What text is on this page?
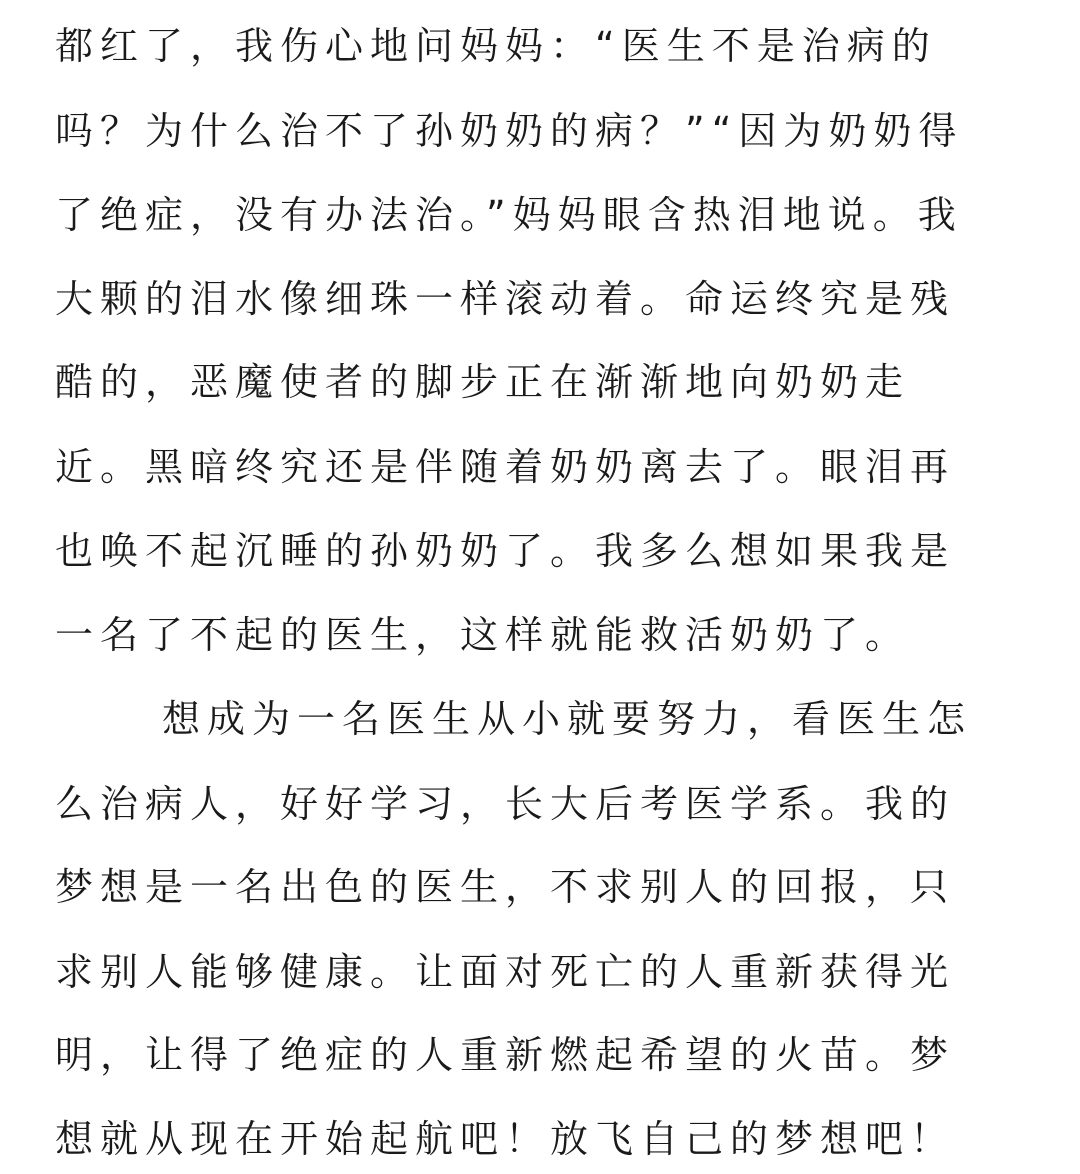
都红了，我伤心地问妈妈：“医生不是治病的
吗？为什么治不了孙奶奶的病？”“因为奶奶得
了绝症，没有办法治。”妈妈眼含热泪地说。我
大颗的泪水像细珠一样滚动着。命运终究是残
酷的，恶魔使者的脚步正在渐渐地向奶奶走
近。黑暗终究还是伴随着奶奶离去了。眼泪再
也唤不起沉睡的孙奶奶了。我多么想如果我是
一名了不起的医生，这样就能救活奶奶了。
想成为一名医生从小就要努力，看医生怎
么治病人，好好学习，长大后考医学系。我的
梦想是一名出色的医生，不求别人的回报，只
求别人能够健康。让面对死亡的人重新获得光
明，让得了绝症的人重新燃起希望的火苗。梦
想就从现在开始起航吧！放飞自己的梦想吧！
